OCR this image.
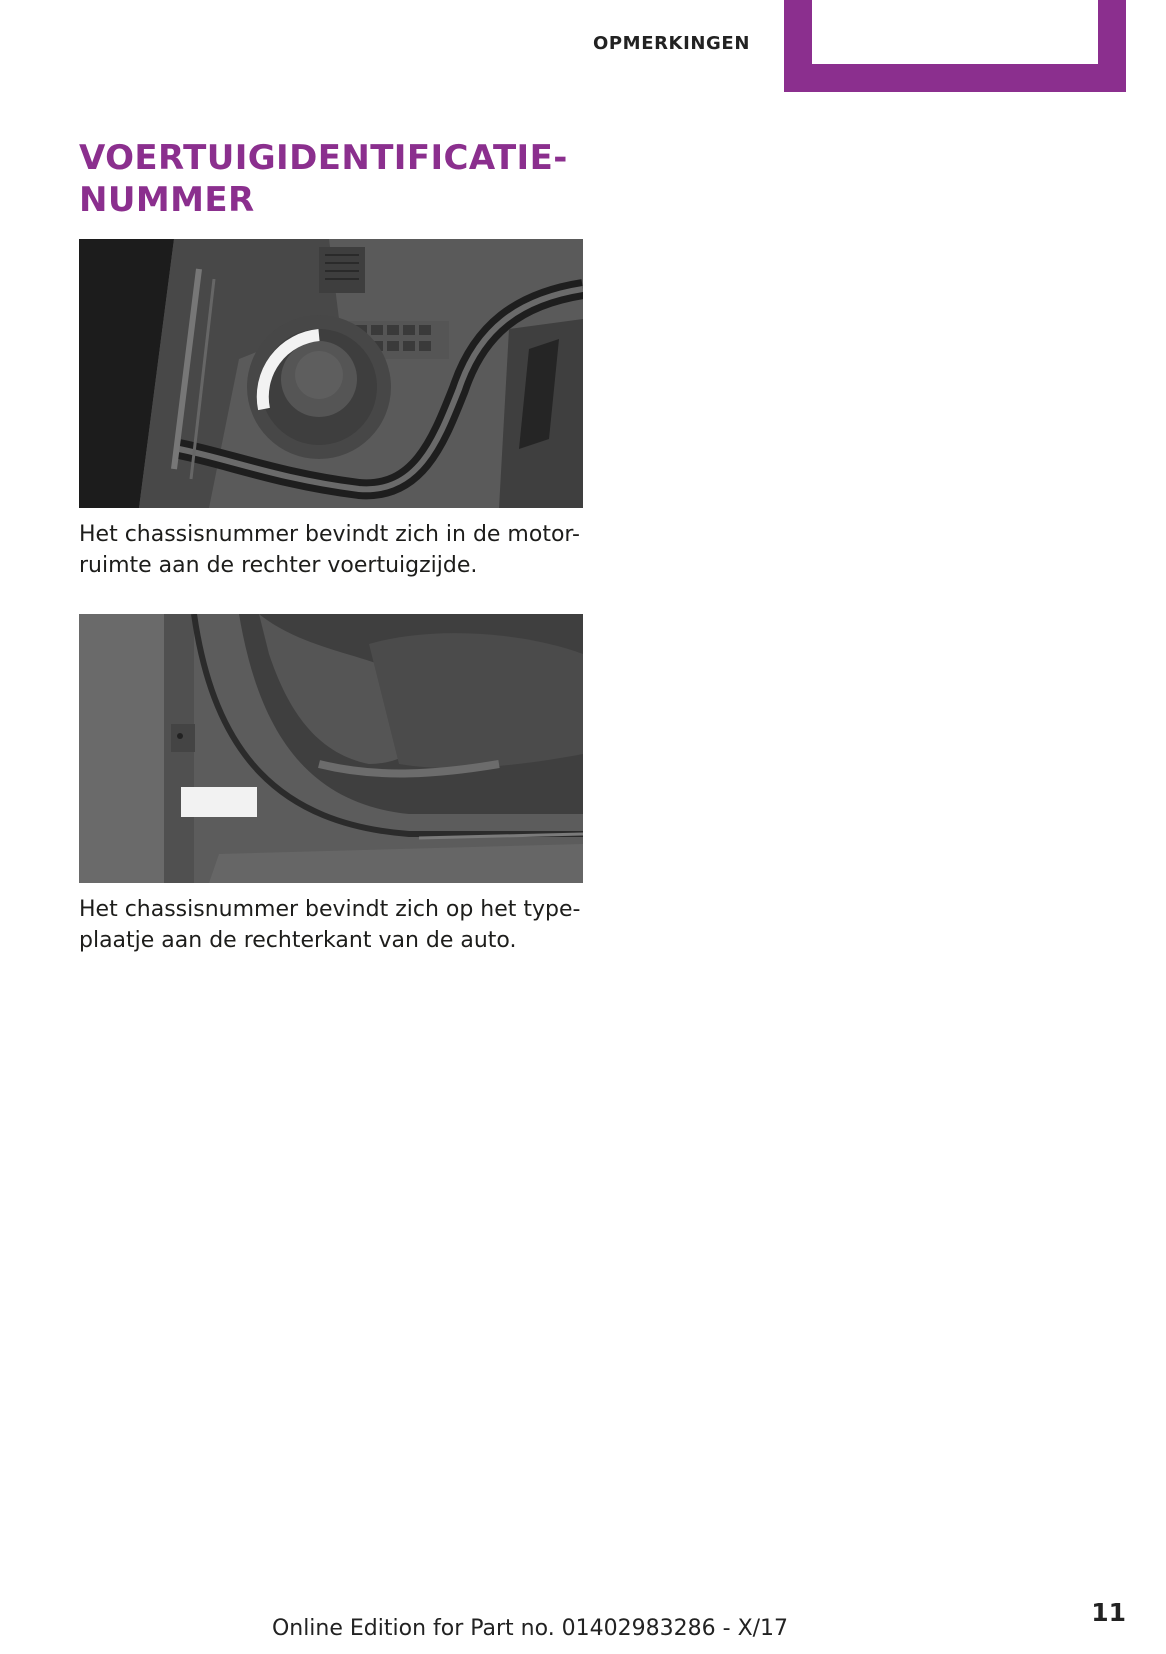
OPMERKINGEN
VOERTUIGIDENTIFICATIE-
NUMMER

Het chassisnummer bevindt zich in de motor-
ruimte aan de rechter voertuigzijde.

Het chassisnummer bevindt zich op het type-
plaatje aan de rechterkant van de auto.

Online Edition for Part no. 01402983286 - X/17
11
